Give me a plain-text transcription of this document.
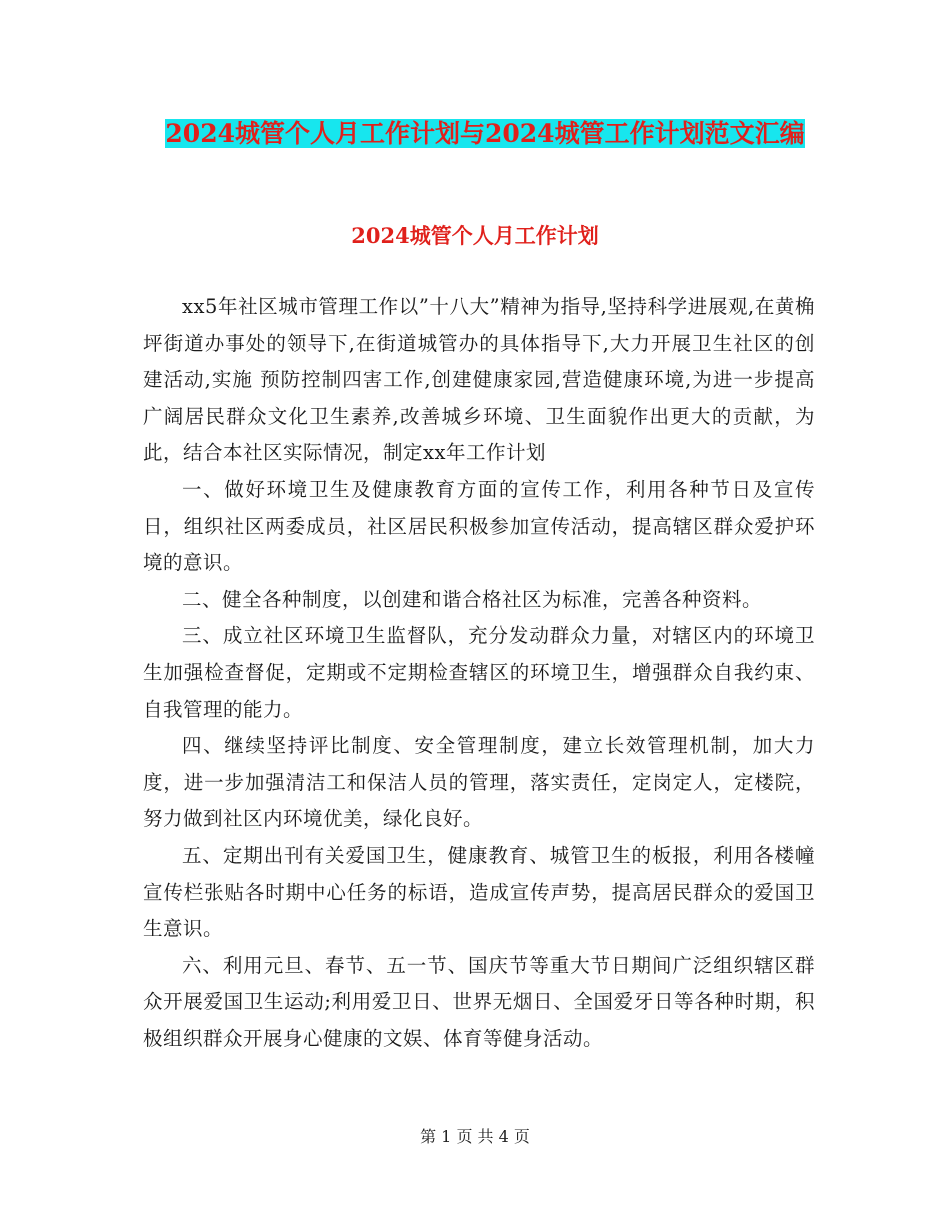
2024城管个人月工作计划与2024城管工作计划范文汇编
2024城管个人月工作计划

xx5年社区城市管理工作以”十八大”精神为指导,坚持科学进展观,在黄桷坪街道办事处的领导下,在街道城管办的具体指导下,大力开展卫生社区的创建活动,实施 预防控制四害工作,创建健康家园,营造健康环境,为进一步提高广阔居民群众文化卫生素养,改善城乡环境、卫生面貌作出更大的贡献，为此，结合本社区实际情况，制定xx年工作计划

一、做好环境卫生及健康教育方面的宣传工作，利用各种节日及宣传日，组织社区两委成员，社区居民积极参加宣传活动，提高辖区群众爱护环境的意识。

二、健全各种制度，以创建和谐合格社区为标准，完善各种资料。

三、成立社区环境卫生监督队，充分发动群众力量，对辖区内的环境卫生加强检查督促，定期或不定期检查辖区的环境卫生，增强群众自我约束、自我管理的能力。

四、继续坚持评比制度、安全管理制度，建立长效管理机制，加大力度，进一步加强清洁工和保洁人员的管理，落实责任，定岗定人，定楼院，努力做到社区内环境优美，绿化良好。

五、定期出刊有关爱国卫生，健康教育、城管卫生的板报，利用各楼幢宣传栏张贴各时期中心任务的标语，造成宣传声势，提高居民群众的爱国卫生意识。

六、利用元旦、春节、五一节、国庆节等重大节日期间广泛组织辖区群众开展爱国卫生运动;利用爱卫日、世界无烟日、全国爱牙日等各种时期，积极组织群众开展身心健康的文娱、体育等健身活动。

第 1 页 共 4 页
